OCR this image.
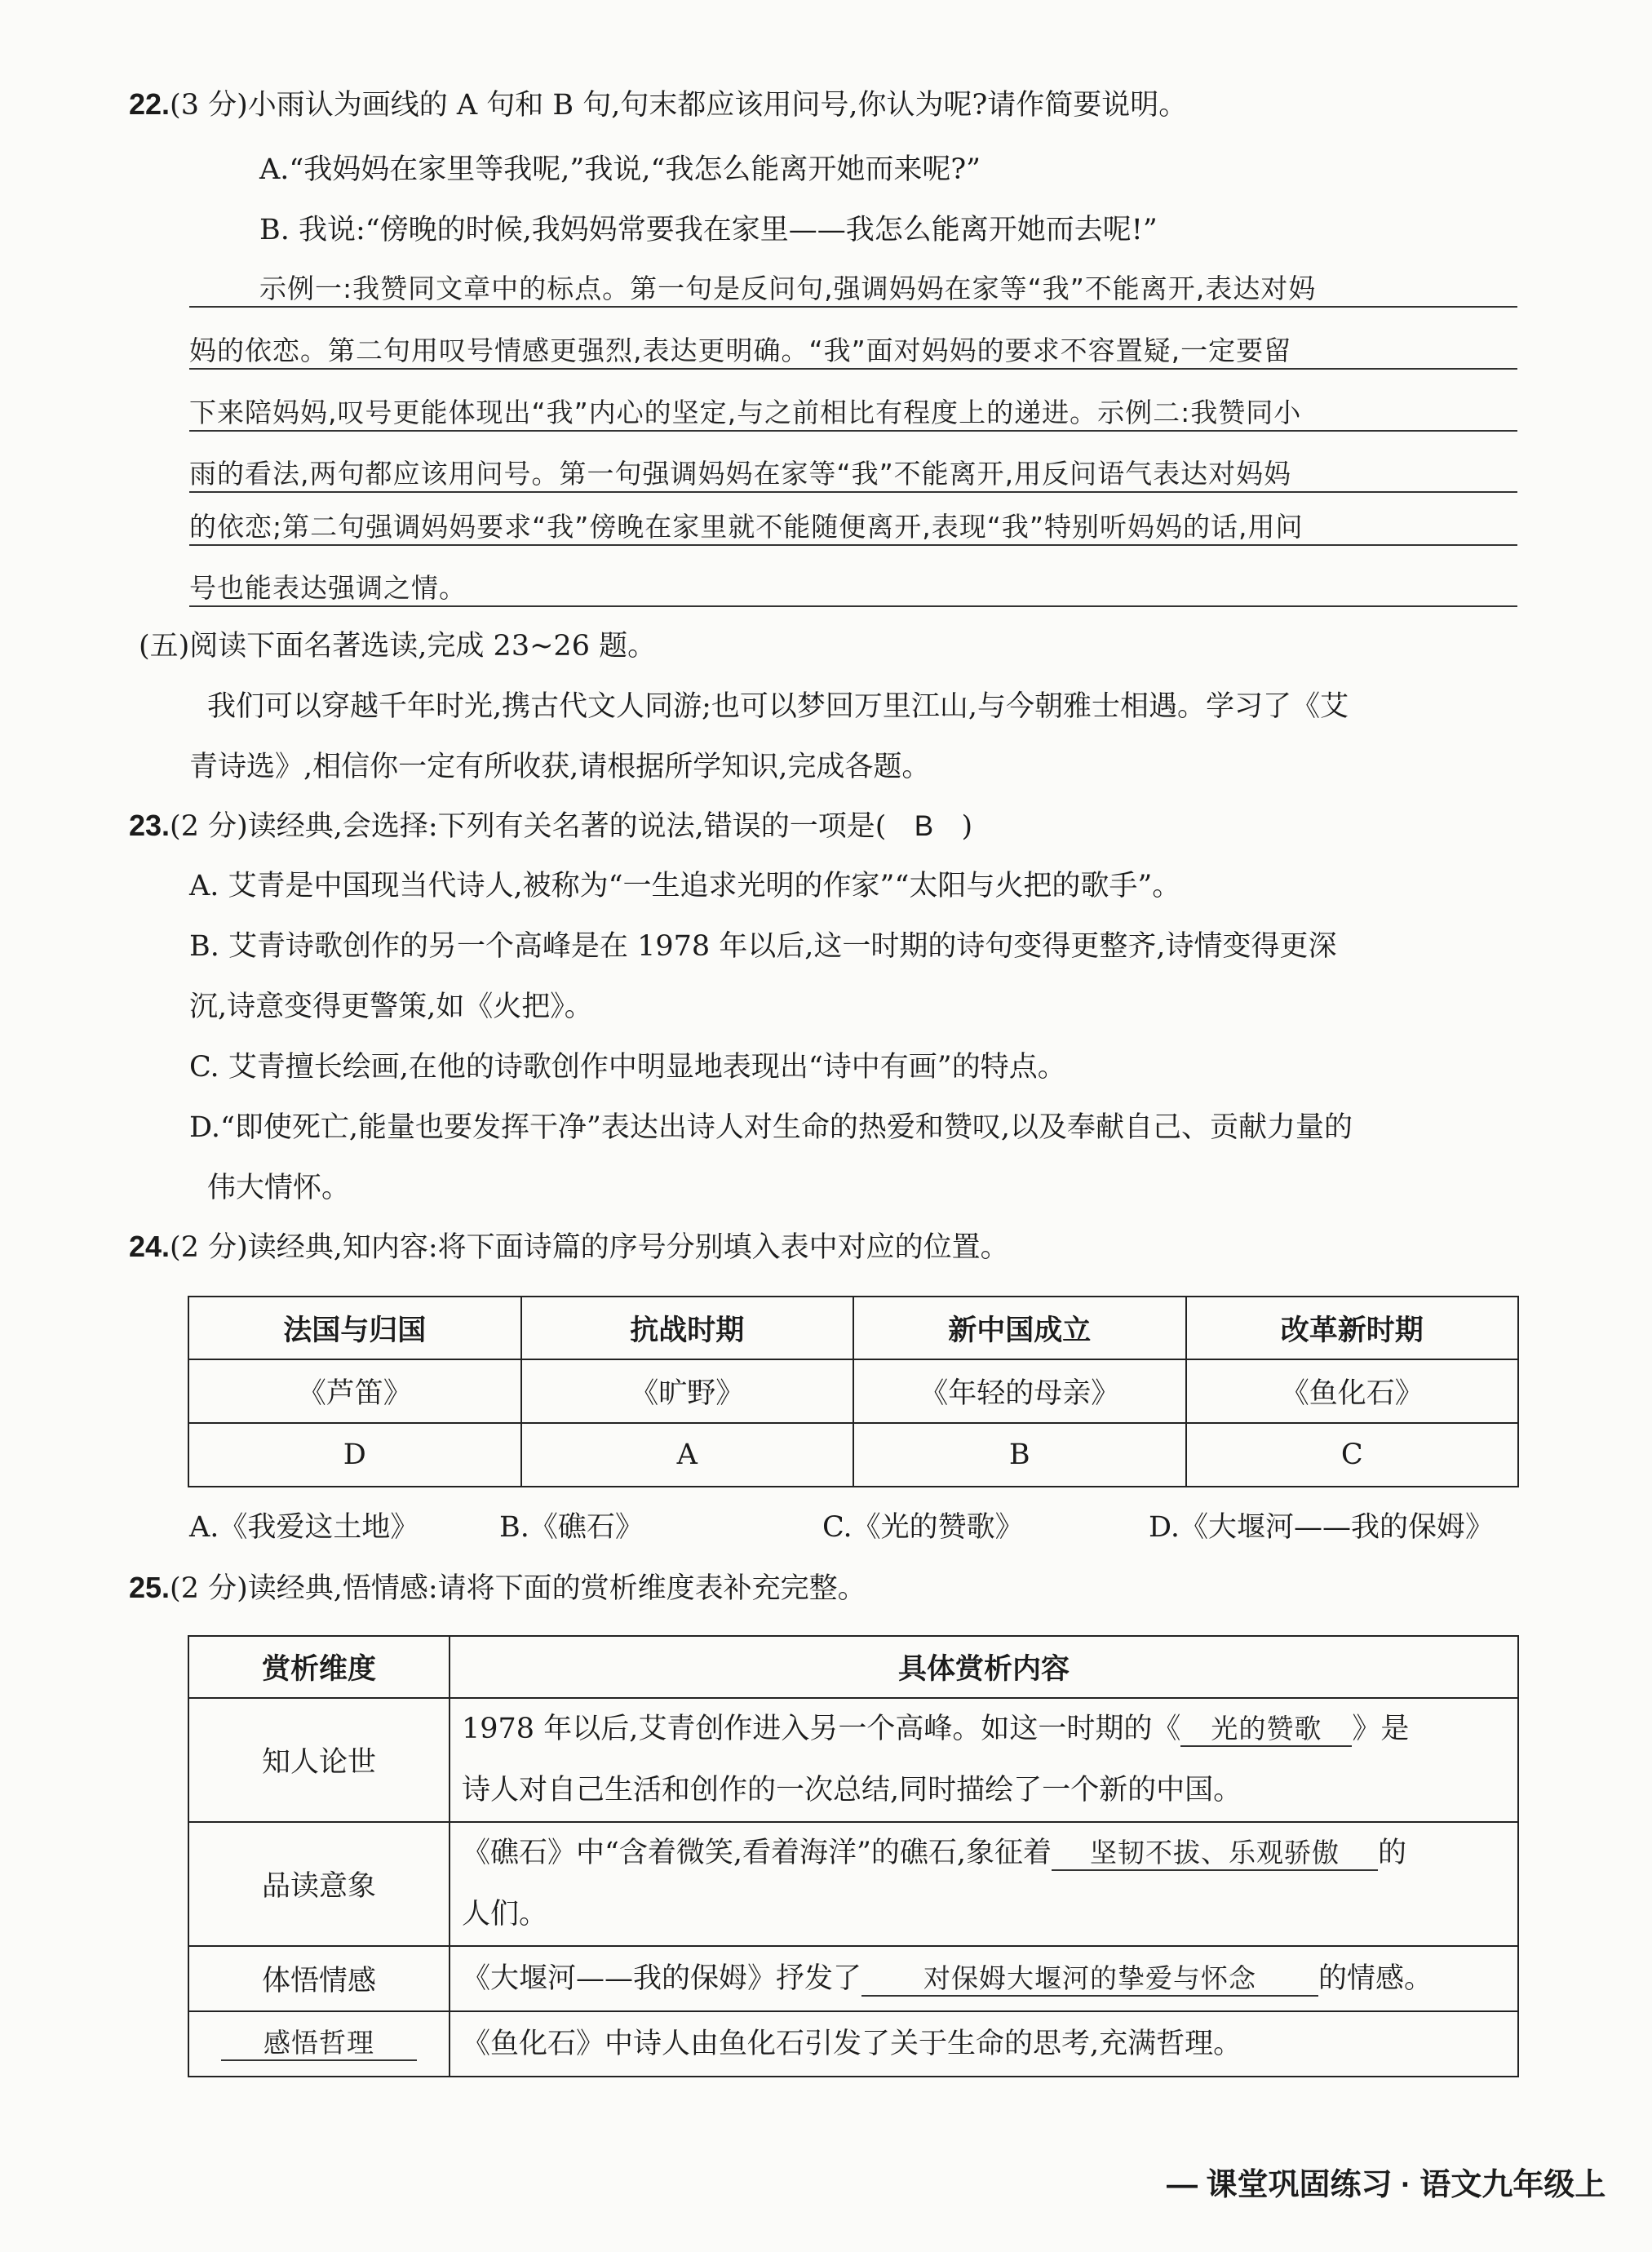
22.(3 分)小雨认为画线的 A 句和 B 句,句末都应该用问号,你认为呢?请作简要说明。
A.“我妈妈在家里等我呢,”我说,“我怎么能离开她而来呢?”
B. 我说:“傍晚的时候,我妈妈常要我在家里——我怎么能离开她而去呢!”
示例一:我赞同文章中的标点。第一句是反问句,强调妈妈在家等“我”不能离开,表达对妈
妈的依恋。第二句用叹号情感更强烈,表达更明确。“我”面对妈妈的要求不容置疑,一定要留
下来陪妈妈,叹号更能体现出“我”内心的坚定,与之前相比有程度上的递进。示例二:我赞同小
雨的看法,两句都应该用问号。第一句强调妈妈在家等“我”不能离开,用反问语气表达对妈妈
的依恋;第二句强调妈妈要求“我”傍晚在家里就不能随便离开,表现“我”特别听妈妈的话,用问
号也能表达强调之情。
(五)阅读下面名著选读,完成 23~26 题。
我们可以穿越千年时光,携古代文人同游;也可以梦回万里江山,与今朝雅士相遇。学习了《艾
青诗选》,相信你一定有所收获,请根据所学知识,完成各题。
23.(2 分)读经典,会选择:下列有关名著的说法,错误的一项是( B )
A. 艾青是中国现当代诗人,被称为“一生追求光明的作家”“太阳与火把的歌手”。
B. 艾青诗歌创作的另一个高峰是在 1978 年以后,这一时期的诗句变得更整齐,诗情变得更深
沉,诗意变得更警策,如《火把》。
C. 艾青擅长绘画,在他的诗歌创作中明显地表现出“诗中有画”的特点。
D.“即使死亡,能量也要发挥干净”表达出诗人对生命的热爱和赞叹,以及奉献自己、贡献力量的
伟大情怀。
24.(2 分)读经典,知内容:将下面诗篇的序号分别填入表中对应的位置。
法国与归国	抗战时期	新中国成立	改革新时期
《芦笛》	《旷野》	《年轻的母亲》	《鱼化石》
D	A	B	C
A.《我爱这土地》	B.《礁石》	C.《光的赞歌》	D.《大堰河——我的保姆》
25.(2 分)读经典,悟情感:请将下面的赏析维度表补充完整。
赏析维度	具体赏析内容
知人论世	1978 年以后,艾青创作进入另一个高峰。如这一时期的《 光的赞歌 》是
诗人对自己生活和创作的一次总结,同时描绘了一个新的中国。
品读意象	《礁石》中“含着微笑,看着海洋”的礁石,象征着 坚韧不拔、乐观骄傲 的
人们。
体悟情感	《大堰河——我的保姆》抒发了 对保姆大堰河的挚爱与怀念 的情感。
感悟哲理	《鱼化石》中诗人由鱼化石引发了关于生命的思考,充满哲理。
— 课堂巩固练习 · 语文九年级上
